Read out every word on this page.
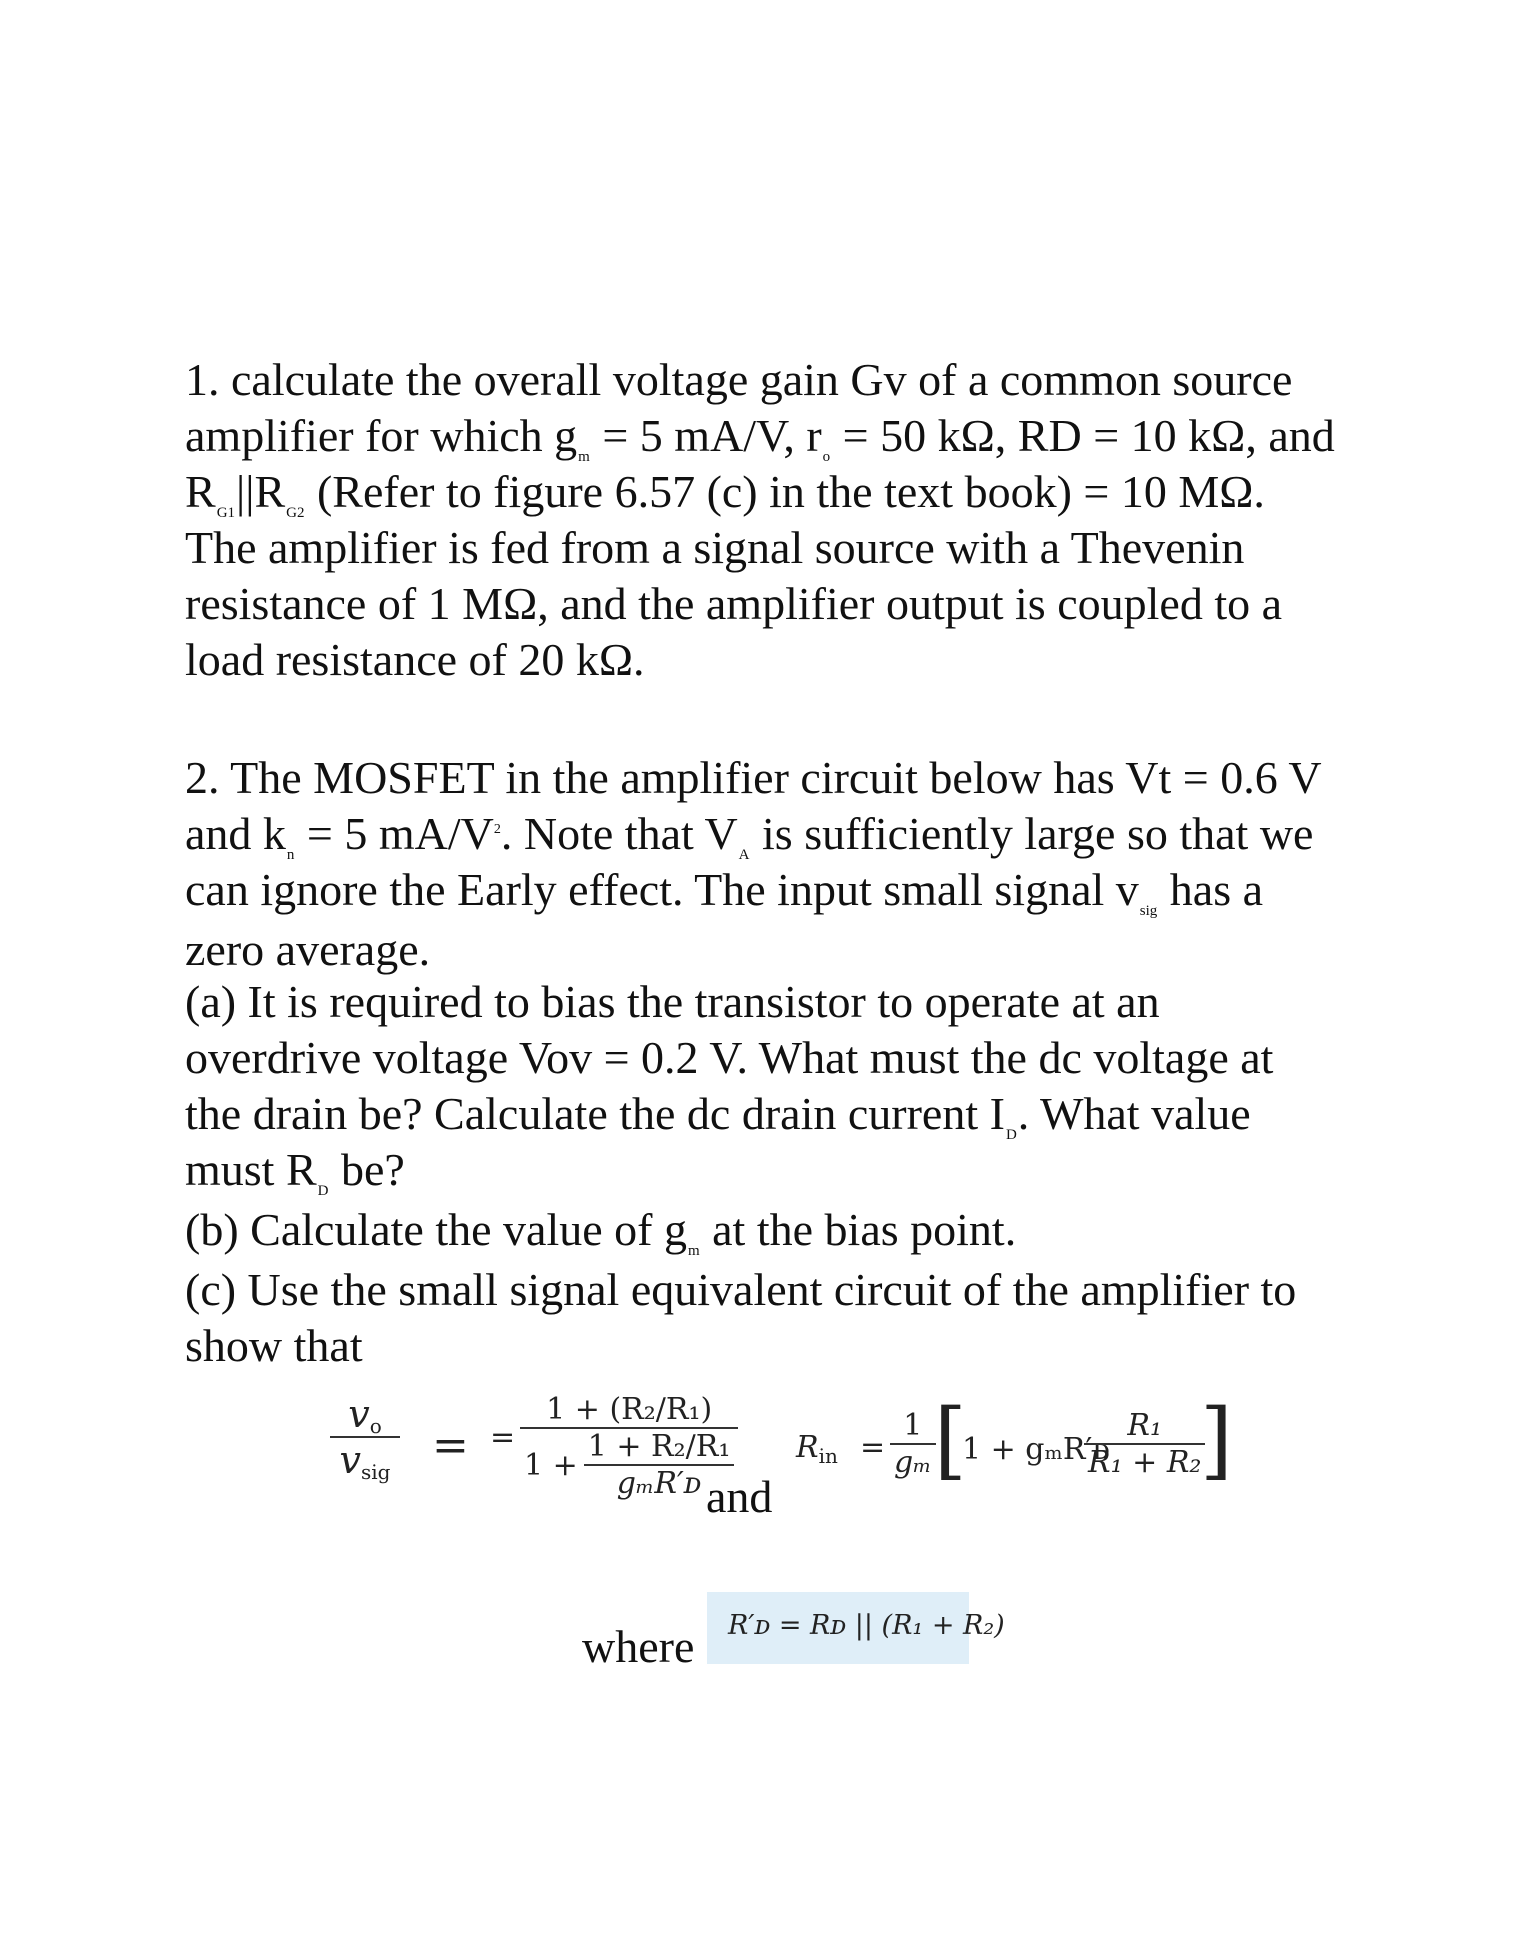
1. calculate the overall voltage gain Gv of a common source
amplifier for which $g_m = 5$ mA/V, $r_o = 50$ kΩ, RD = 10 kΩ, and
$R_{G1}||R_{G2}$ (Refer to figure 6.57 (c) in the text book) = 10 MΩ.
The amplifier is fed from a signal source with a Thevenin
resistance of 1 MΩ, and the amplifier output is coupled to a
load resistance of 20 kΩ.
2. The MOSFET in the amplifier circuit below has Vt = 0.6 V
and $k_n = 5$ $mA/V^2$. Note that $V_A$ is sufficiently large so that we
can ignore the Early effect. The input small signal $v_{sig}$ has a
zero average.
(a) It is required to bias the transistor to operate at an
overdrive voltage Vov = 0.2 V. What must the dc voltage at
the drain be? Calculate the dc drain current $I_D$. What value
must $R_D$ be?
(b) Calculate the value of $g_m$ at the bias point.
(c) Use the small signal equivalent circuit of the amplifier to
show that
$\frac{vo}{\text{vsig}}$ = = $\frac{\text{1 + (R₂/R₁)}}{1 + \frac{\text{1 + R₂/R₁}}{\text{gₘR′ᴅ}}}$
and
$R_{in} = \frac{1}{\text{gₘ}}$
[
1 + gₘR′ᴅ
$\frac{\text{R₁}}{\text{R₁ + R₂}}$
]
where R′ᴅ = Rᴅ || (R₁ + R₂)
